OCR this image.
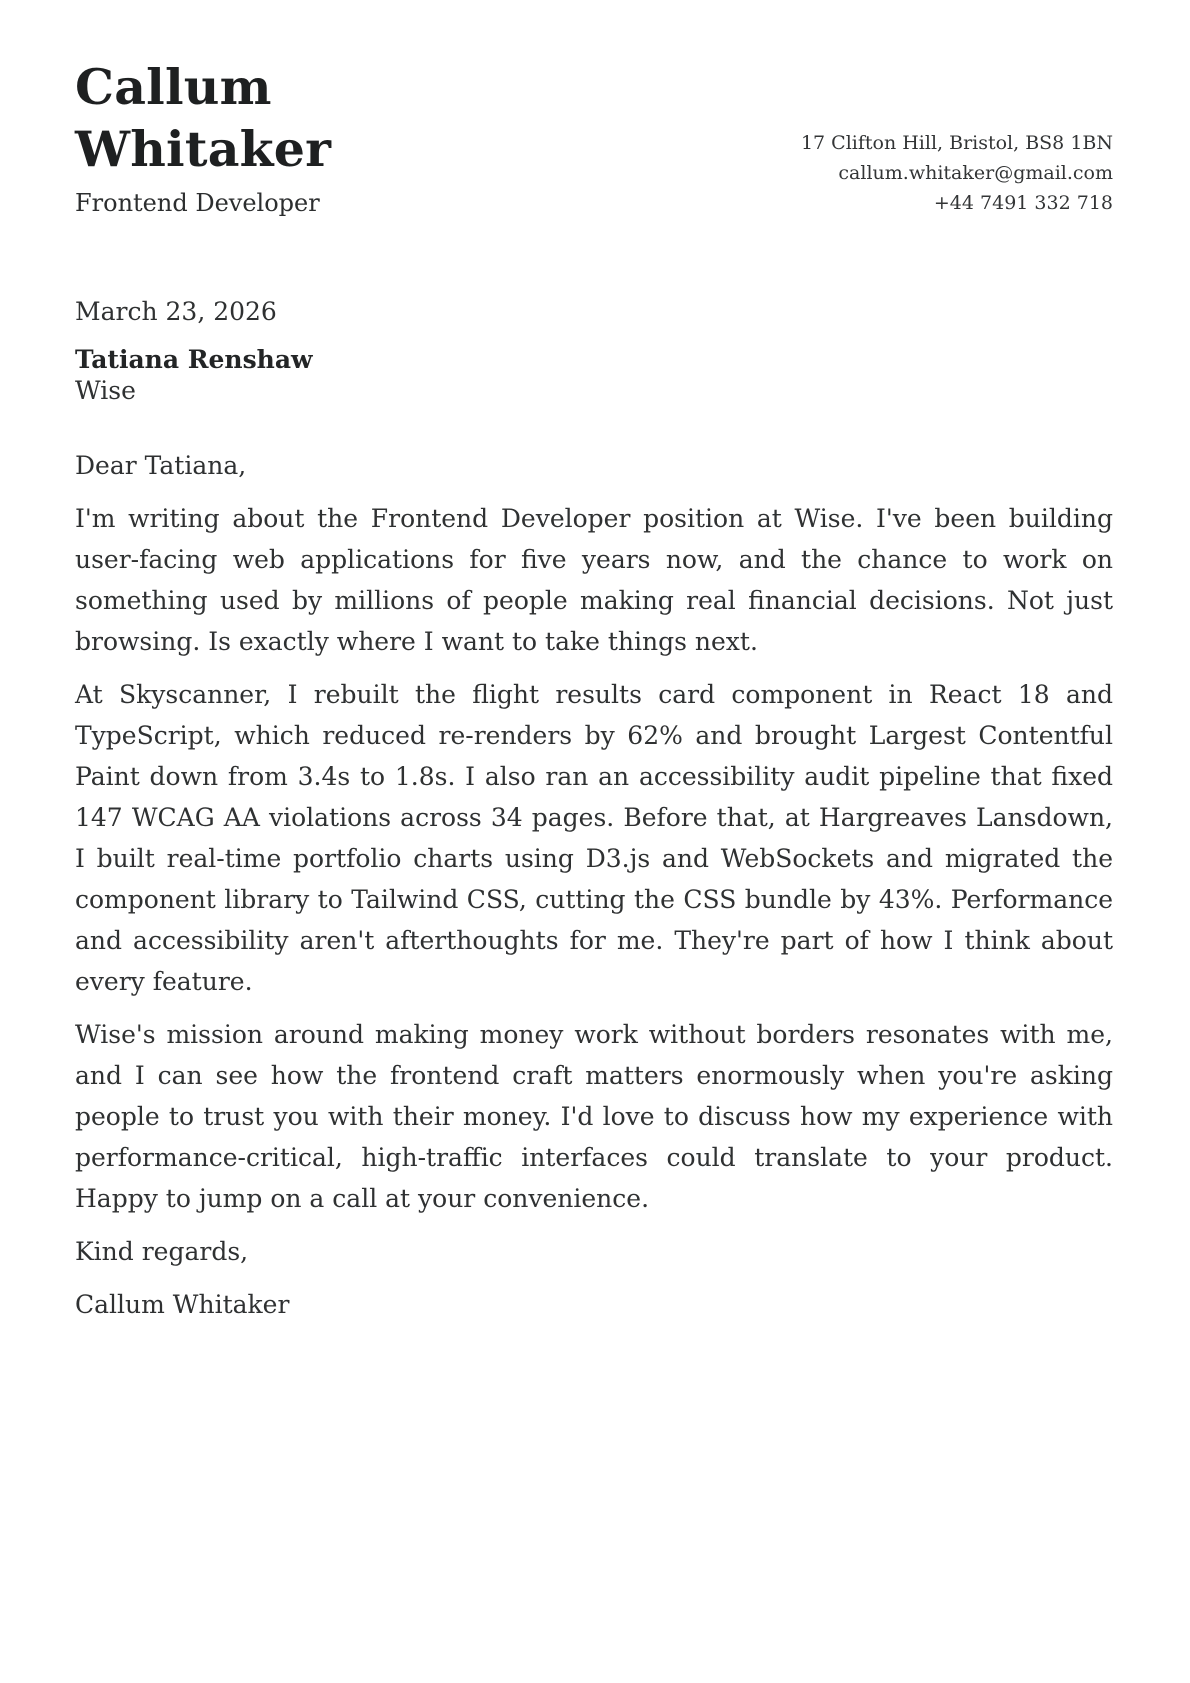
Callum
Whitaker
Frontend Developer
17 Clifton Hill, Bristol, BS8 1BN
callum.whitaker@gmail.com
+44 7491 332 718
March 23, 2026
Tatiana Renshaw
Wise
Dear Tatiana,

I'm writing about the Frontend Developer position at Wise. I've been building user-facing web applications for five years now, and the chance to work on something used by millions of people making real financial decisions. Not just browsing. Is exactly where I want to take things next.

At Skyscanner, I rebuilt the flight results card component in React 18 and TypeScript, which reduced re-renders by 62% and brought Largest Contentful Paint down from 3.4s to 1.8s. I also ran an accessibility audit pipeline that fixed 147 WCAG AA violations across 34 pages. Before that, at Hargreaves Lansdown, I built real-time portfolio charts using D3.js and WebSockets and migrated the component library to Tailwind CSS, cutting the CSS bundle by 43%. Performance and accessibility aren't afterthoughts for me. They're part of how I think about every feature.

Wise's mission around making money work without borders resonates with me, and I can see how the frontend craft matters enormously when you're asking people to trust you with their money. I'd love to discuss how my experience with performance-critical, high-traffic interfaces could translate to your product. Happy to jump on a call at your convenience.

Kind regards,
Callum Whitaker
